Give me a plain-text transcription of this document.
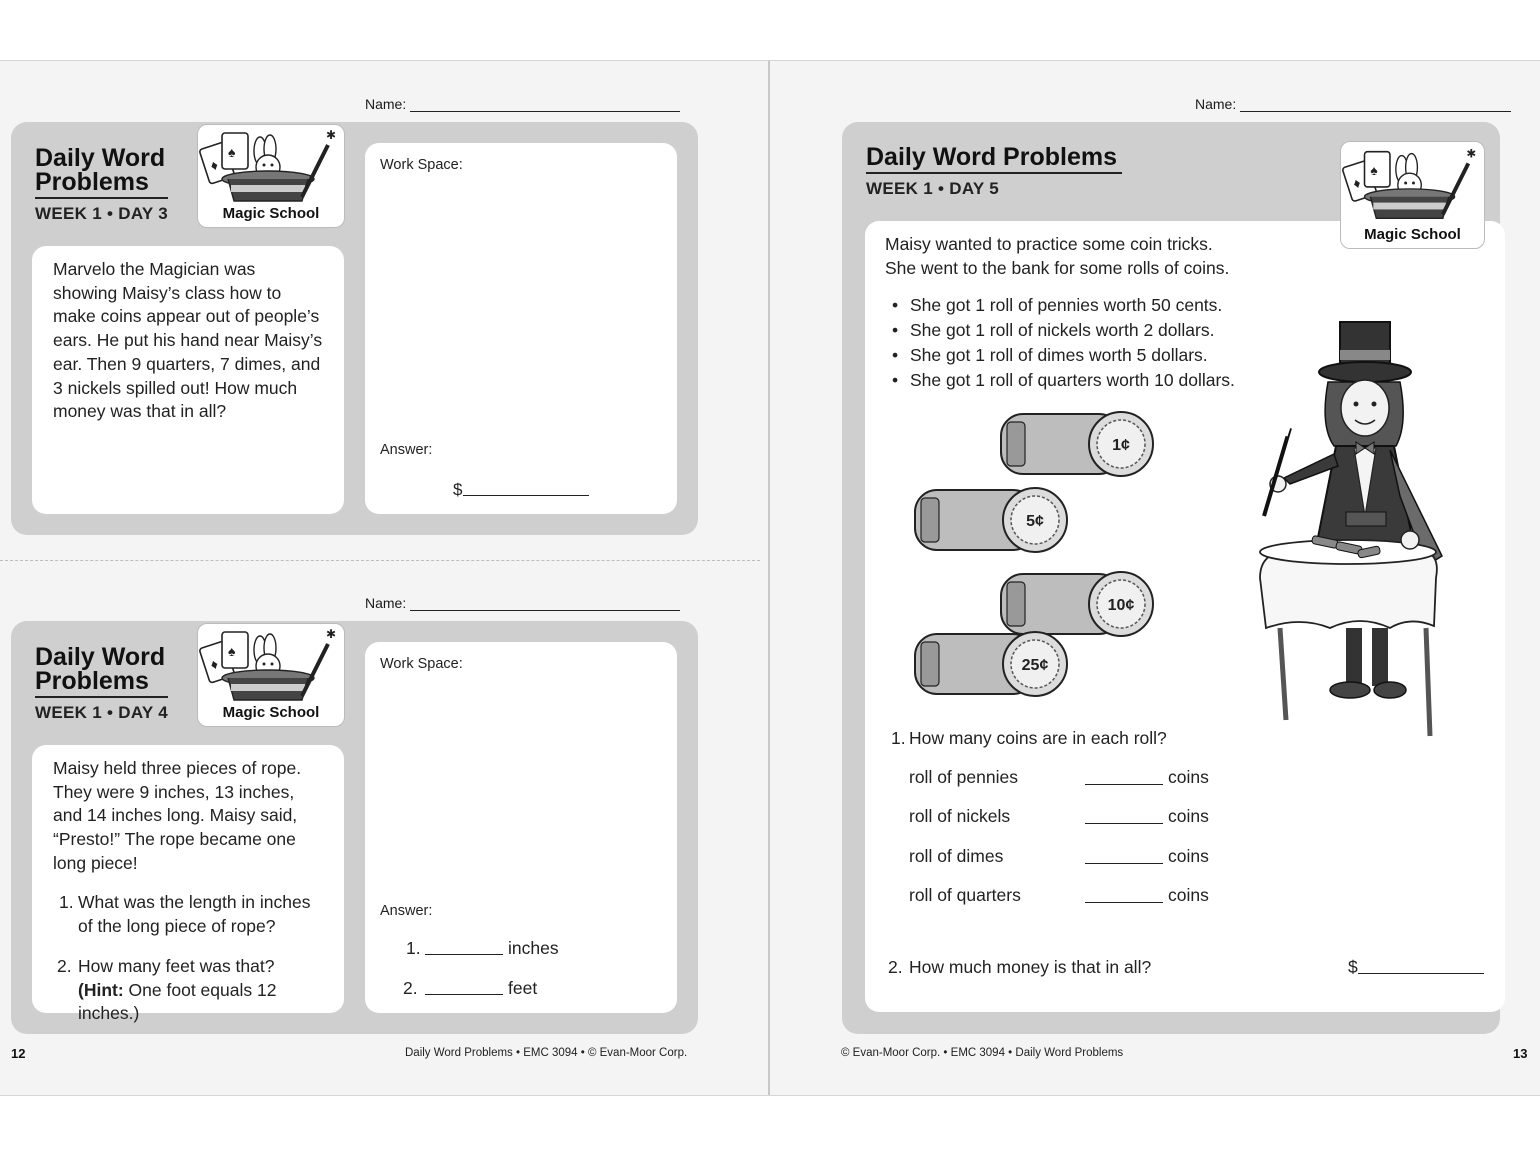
Name:
Daily Word
Problems
WEEK 1 • DAY 3
♦
♠
✱
Magic School
Marvelo the Magician was
showing Maisy’s class how to
make coins appear out of people’s
ears. He put his hand near Maisy’s
ear. Then 9 quarters, 7 dimes, and
3 nickels spilled out! How much
money was that in all?
Work Space:
Answer:
$
Name:
Daily Word
Problems
WEEK 1 • DAY 4
♦
♠
✱
Magic School
Maisy held three pieces of rope.
They were 9 inches, 13 inches,
and 14 inches long. Maisy said,
“Presto!” The rope became one
long piece!
1. What was the length in inches
of the long piece of rope?
2. How many feet was that?
(Hint: One foot equals 12 inches.)
Work Space:
Answer:
1.	inches
2.	feet
12	Daily Word Problems • EMC 3094 • © Evan-Moor Corp.
Name:
Daily Word Problems
WEEK 1 • DAY 5
Maisy wanted to practice some coin tricks.
She went to the bank for some rolls of coins.
• She got 1 roll of pennies worth 50 cents.
• She got 1 roll of nickels worth 2 dollars.
• She got 1 roll of dimes worth 5 dollars.
• She got 1 roll of quarters worth 10 dollars.
1¢
5¢
10¢
25¢
1. How many coins are in each roll?
roll of pennies	coins
roll of nickels	coins
roll of dimes	coins
roll of quarters	coins
2. How much money is that in all?	$
♦
♠
✱
Magic School
© Evan-Moor Corp. • EMC 3094 • Daily Word Problems	13
